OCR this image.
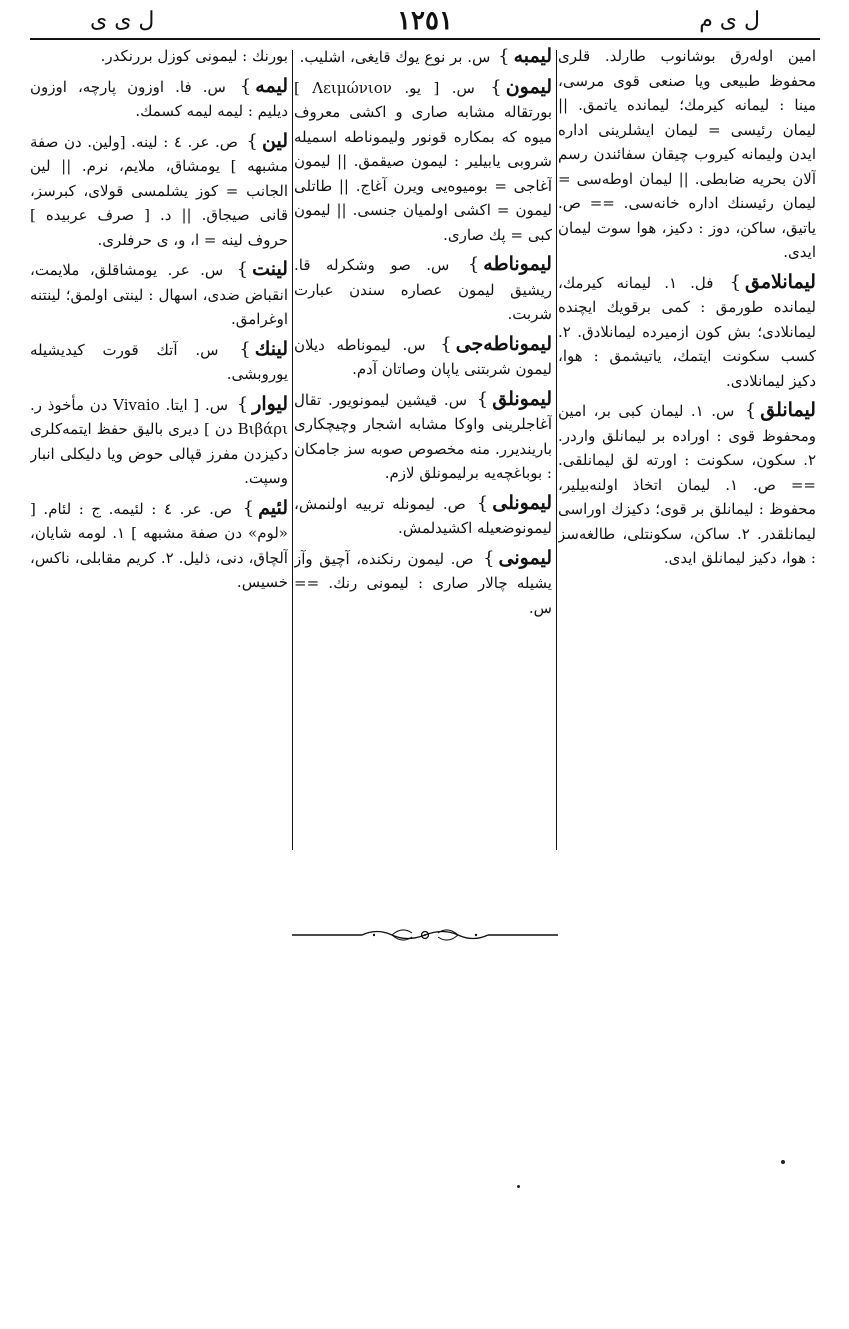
ل ى م
١٢٥١
ل ى ى
امين اولەرق بوشانوب طارلد. قلرى محفوظ طبيعى ويا صنعى قوى مرسى، مينا : ليمانه كيرمك؛ ليمانده ياتمق. || ليمان رئيسى = ليمان ايشلرينى اداره ايدن وليمانه كيروب چيقان سفائندن رسم آلان بحريه ضابطى. || ليمان اوطەسى = ليمان رئيسنك اداره خانەسى. == ص. ياتيق، ساكن، دوز : دكيز، هوا سوت ليمان ايدى.
ليمانلامق} فل. ١. ليمانه كيرمك، ليمانده طورمق : كمى برقويك ايچنده ليمانلادى؛ بش كون ازميرده ليمانلادق. ٢. كسب سكونت ايتمك، ياتيشمق : هوا، دكيز ليمانلادى.
ليمانلق} س. ١. ليمان كبى بر، امين ومحفوظ قوى : اوراده بر ليمانلق واردر. ٢. سكون، سكونت : اورته لق ليمانلقى. == ص. ١. ليمان اتخاذ اولنەبيلير، محفوظ : ليمانلق بر قوى؛ دكيزك اوراسى ليمانلقدر. ٢. ساكن، سكونتلى، طالغەسز : هوا، دكيز ليمانلق ايدى.
ليمبه} س. بر نوع يوك قايغى، اشليب.
ليمون} س. [ يو. Λειμώνιον ] بورتقاله مشابه صارى و اكشى معروف ميوه كه بمكاره قونور وليموناطه اسميله شروبى يابيلير : ليمون صيقمق. || ليمون آغاجى = بوميوەيى ويرن آغاج. || طاتلى ليمون = اكشى اولميان جنسى. || ليمون كبى = پك صارى.
ليموناطه} س. صو وشكرله قا. ريشيق ليمون عصاره سندن عبارت شربت.
ليموناطەجى} س. ليموناطه ديلان ليمون شربتنى ياپان وصاتان آدم.
ليمونلق} س. قيشين ليمونويور. تقال آغاجلرينى واوكا مشابه اشجار وچيچكارى بارينديرر. منه مخصوص صوبه سز جامكان : بوباغچەيه برليمونلق لازم.
ليمونلى} ص. ليمونله تربيه اولنمش، ليمونوضعيله اكشيدلمش.
ليمونى} ص. ليمون رنكنده، آچيق وآز يشيله چالار صارى : ليمونى رنك. == س.
بورنك : ليمونى كوزل بررنكدر.
ليمه} س. فا. اوزون پارچه، اوزون ديليم : ليمه ليمه كسمك.
لين} ص. عر. ٤ : لينه. [ولين. دن صفة مشبهه ] يومشاق، ملايم، نرم. || لين الجانب = كوز يشلمسى قولاى، كبرسز، قانى صيجاق. || د. [ صرف عربيده ] حروف لينه = ا، و، ى حرفلرى.
لينت} س. عر. يومشاقلق، ملايمت، انقباض ضدى، اسهال : لينتى اولمق؛ لينتنه اوغرامق.
لينك} س. آتك قورت كيديشيله يوروبشى.
ليوار} س. [ ايتا. Vivaio دن مأخوذ ر. Βιβάρι دن ] ديرى باليق حفظ ايتمەكلرى دكيزدن مفرز قپالى حوض ويا دليكلى انبار وسپت.
لئيم} ص. عر. ٤ : لئيمه. ج : لئام. [ «لوم» دن صفة مشبهه ] ١. لومه شايان، آلچاق، دنى، ذليل. ٢. كريم مقابلى، ناكس، خسيس.
